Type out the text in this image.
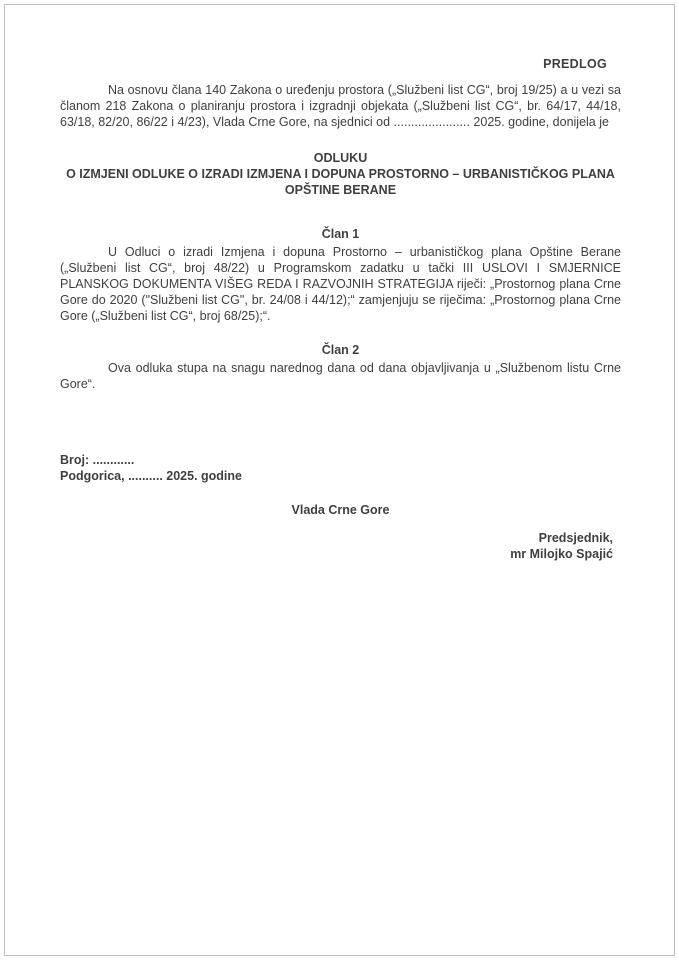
PREDLOG

Na osnovu člana 140 Zakona o uređenju prostora („Službeni list CG“, broj 19/25) a u vezi sa članom 218 Zakona o planiranju prostora i izgradnji objekata („Službeni list CG“, br. 64/17, 44/18, 63/18, 82/20, 86/22 i 4/23), Vlada Crne Gore, na sjednici od ...................... 2025. godine, donijela je

ODLUKU
O IZMJENI ODLUKE O IZRADI IZMJENA I DOPUNA PROSTORNO – URBANISTIČKOG PLANA OPŠTINE BERANE
Član 1

U Odluci o izradi Izmjena i dopuna Prostorno – urbanističkog plana Opštine Berane („Službeni list CG“, broj 48/22) u Programskom zadatku u tački III USLOVI I SMJERNICE PLANSKOG DOKUMENTA VIŠEG REDA I RAZVOJNIH STRATEGIJA riječi: „Prostornog plana Crne Gore do 2020 ("Službeni list CG", br. 24/08 i 44/12);“ zamjenjuju se riječima: „Prostornog plana Crne Gore („Službeni list CG“, broj 68/25);“.

Član 2

Ova odluka stupa na snagu narednog dana od dana objavljivanja u „Službenom listu Crne Gore“.

Broj: ............
Podgorica, .......... 2025. godine
Vlada Crne Gore
Predsjednik,
mr Milojko Spajić
